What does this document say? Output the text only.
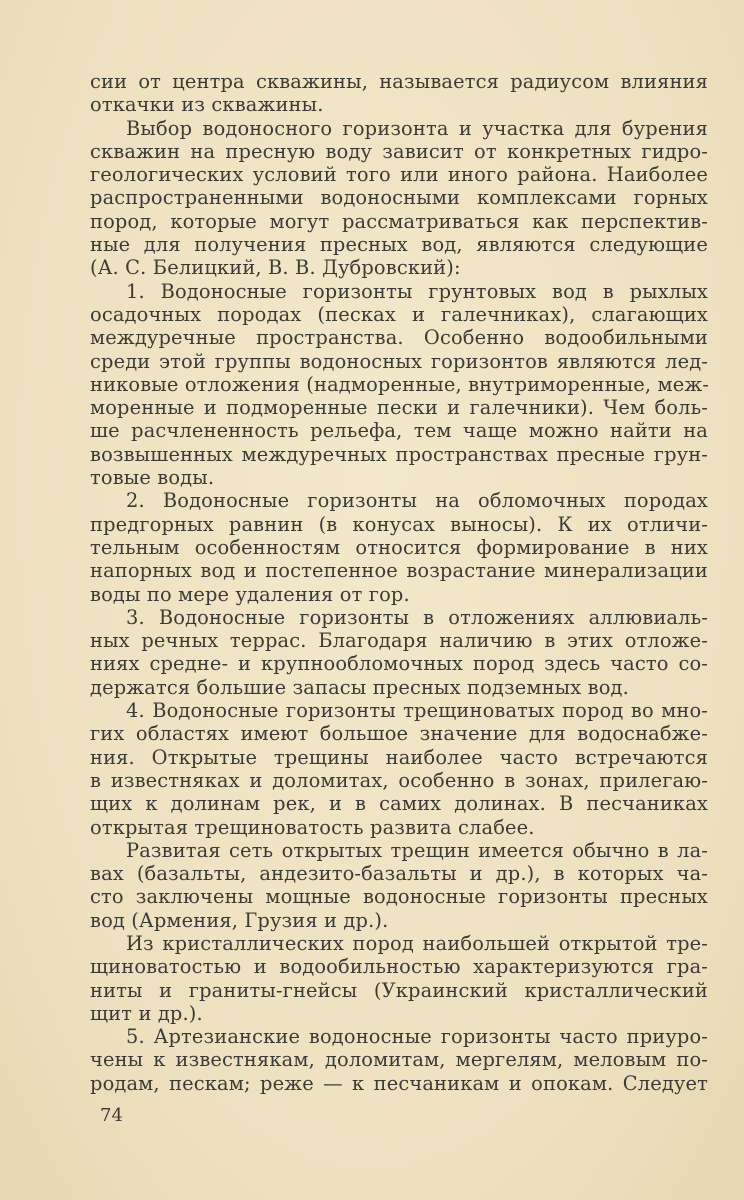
сии от центра скважины, называется радиусом влияния
откачки из скважины.
Выбор водоносного горизонта и участка для бурения
скважин на пресную воду зависит от конкретных гидро-
геологических условий того или иного района. Наиболее
распространенными водоносными комплексами горных
пород, которые могут рассматриваться как перспектив-
ные для получения пресных вод, являются следующие
(А. С. Белицкий, В. В. Дубровский):
1. Водоносные горизонты грунтовых вод в рыхлых
осадочных породах (песках и галечниках), слагающих
междуречные пространства. Особенно водообильными
среди этой группы водоносных горизонтов являются лед-
никовые отложения (надморенные, внутриморенные, меж-
моренные и подморенные пески и галечники). Чем боль-
ше расчлененность рельефа, тем чаще можно найти на
возвышенных междуречных пространствах пресные грун-
товые воды.
2. Водоносные горизонты на обломочных породах
предгорных равнин (в конусах выносы). К их отличи-
тельным особенностям относится формирование в них
напорных вод и постепенное возрастание минерализации
воды по мере удаления от гор.
3. Водоносные горизонты в отложениях аллювиаль-
ных речных террас. Благодаря наличию в этих отложе-
ниях средне- и крупнообломочных пород здесь часто со-
держатся большие запасы пресных подземных вод.
4. Водоносные горизонты трещиноватых пород во мно-
гих областях имеют большое значение для водоснабже-
ния. Открытые трещины наиболее часто встречаются
в известняках и доломитах, особенно в зонах, прилегаю-
щих к долинам рек, и в самих долинах. В песчаниках
открытая трещиноватость развита слабее.
Развитая сеть открытых трещин имеется обычно в ла-
вах (базальты, андезито-базальты и др.), в которых ча-
сто заключены мощные водоносные горизонты пресных
вод (Армения, Грузия и др.).
Из кристаллических пород наибольшей открытой тре-
щиноватостью и водообильностью характеризуются гра-
ниты и граниты-гнейсы (Украинский кристаллический
щит и др.).
5. Артезианские водоносные горизонты часто приуро-
чены к известнякам, доломитам, мергелям, меловым по-
родам, пескам; реже — к песчаникам и опокам. Следует
74
